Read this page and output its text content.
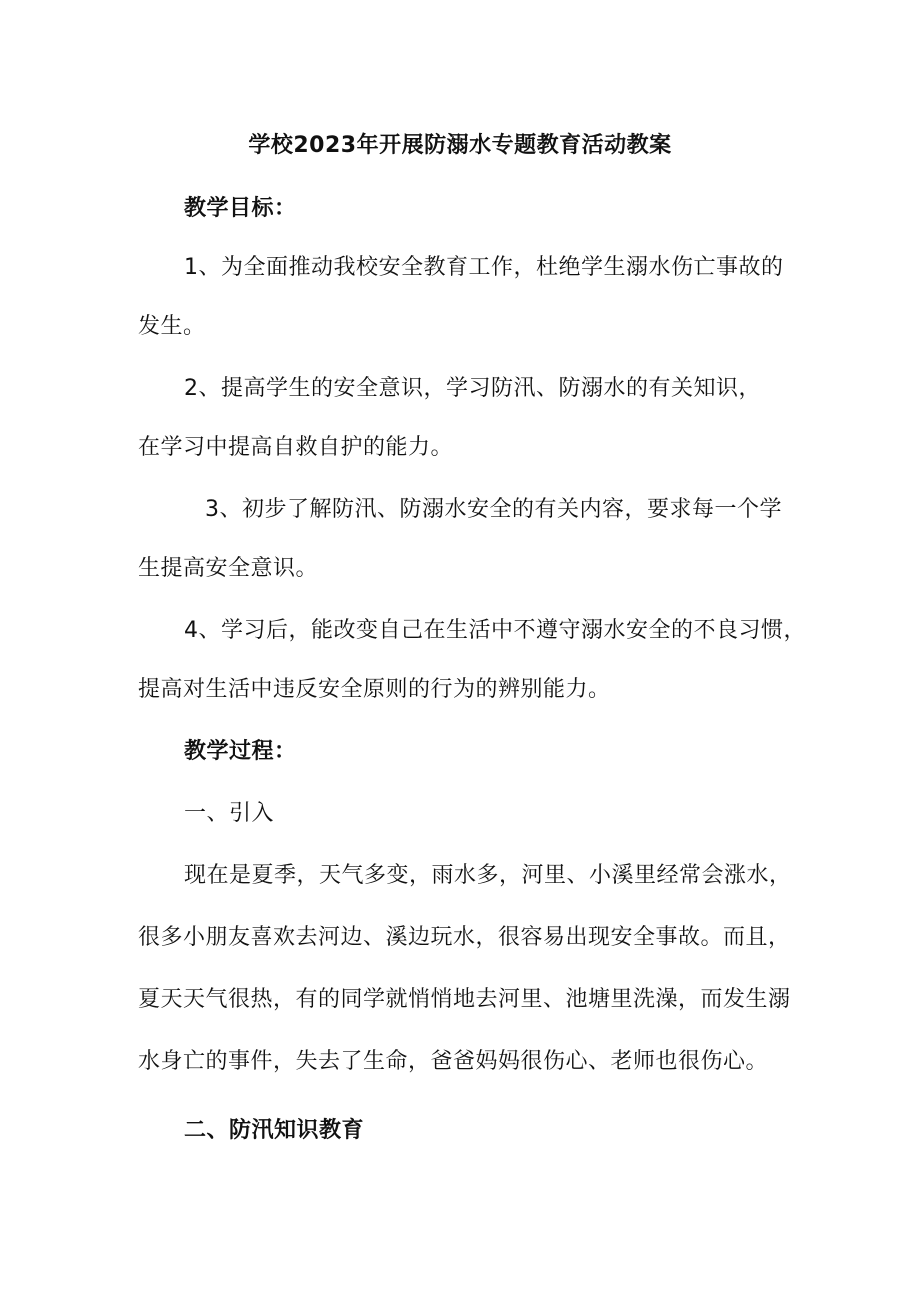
学校2023年开展防溺水专题教育活动教案

教学目标：

1、为全面推动我校安全教育工作，杜绝学生溺水伤亡事故的

发生。

2、提高学生的安全意识，学习防汛、防溺水的有关知识，

在学习中提高自救自护的能力。

3、初步了解防汛、防溺水安全的有关内容，要求每一个学

生提高安全意识。

4、学习后，能改变自己在生活中不遵守溺水安全的不良习惯，

提高对生活中违反安全原则的行为的辨别能力。

教学过程：

一、引入

现在是夏季，天气多变，雨水多，河里、小溪里经常会涨水，

很多小朋友喜欢去河边、溪边玩水，很容易出现安全事故。而且，

夏天天气很热，有的同学就悄悄地去河里、池塘里洗澡，而发生溺

水身亡的事件，失去了生命，爸爸妈妈很伤心、老师也很伤心。

二、防汛知识教育
